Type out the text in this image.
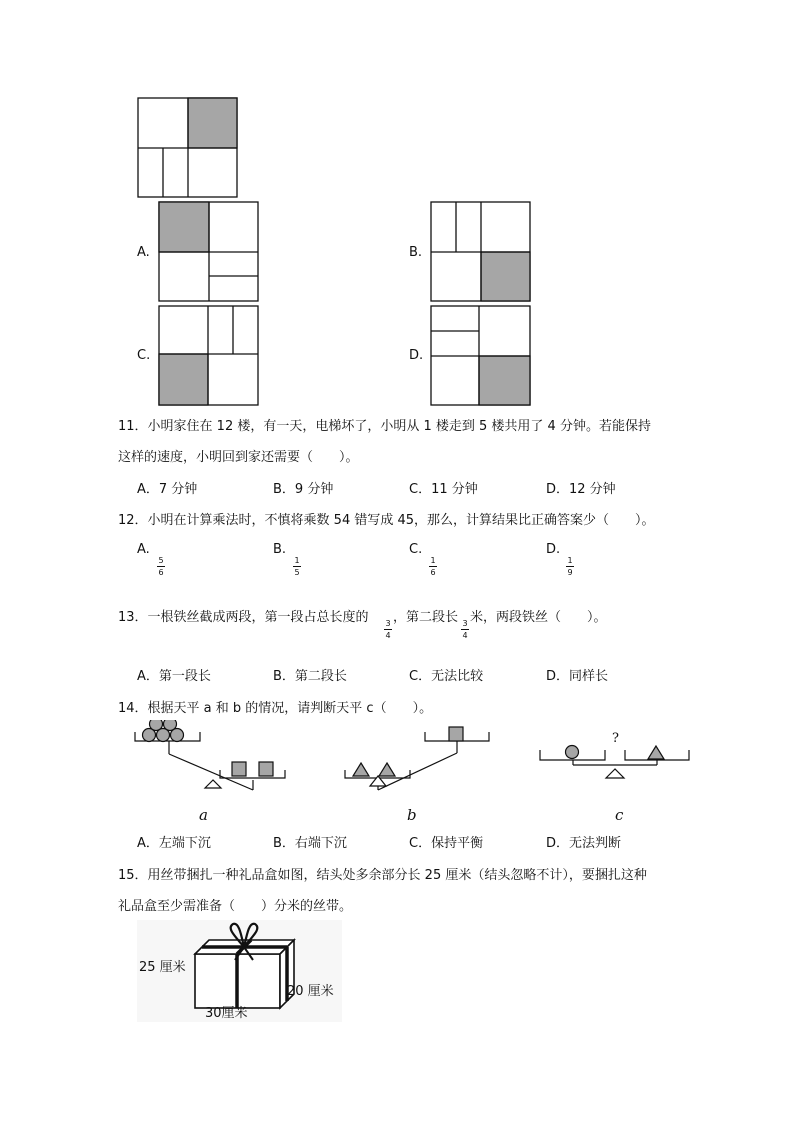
A.	B.
C.	D.
11．小明家住在 12 楼，有一天，电梯坏了，小明从 1 楼走到 5 楼共用了 4 分钟。若能保持
这样的速度，小明回到家还需要（　　）。
A．7 分钟	B．9 分钟	C．11 分钟	D．12 分钟
12．小明在计算乘法时，不慎将乘数 54 错写成 45，那么，计算结果比正确答案少（　　）。
A.
5
6
B.
1
5
C.
1
6
D.
1
9
13．一根铁丝截成两段，第一段占总长度的	3
4
，第二段长 3
4
米，两段铁丝（　　）。
A．第一段长	B．第二段长	C．无法比较	D．同样长
14．根据天平 a 和 b 的情况，请判断天平 c（　　）。
?
a	b	c
A．左端下沉	B．右端下沉	C．保持平衡	D．无法判断
15．用丝带捆扎一种礼品盒如图，结头处多余部分长 25 厘米（结头忽略不计），要捆扎这种
礼品盒至少需准备（　　）分米的丝带。
25 厘米
20 厘米
30厘米
